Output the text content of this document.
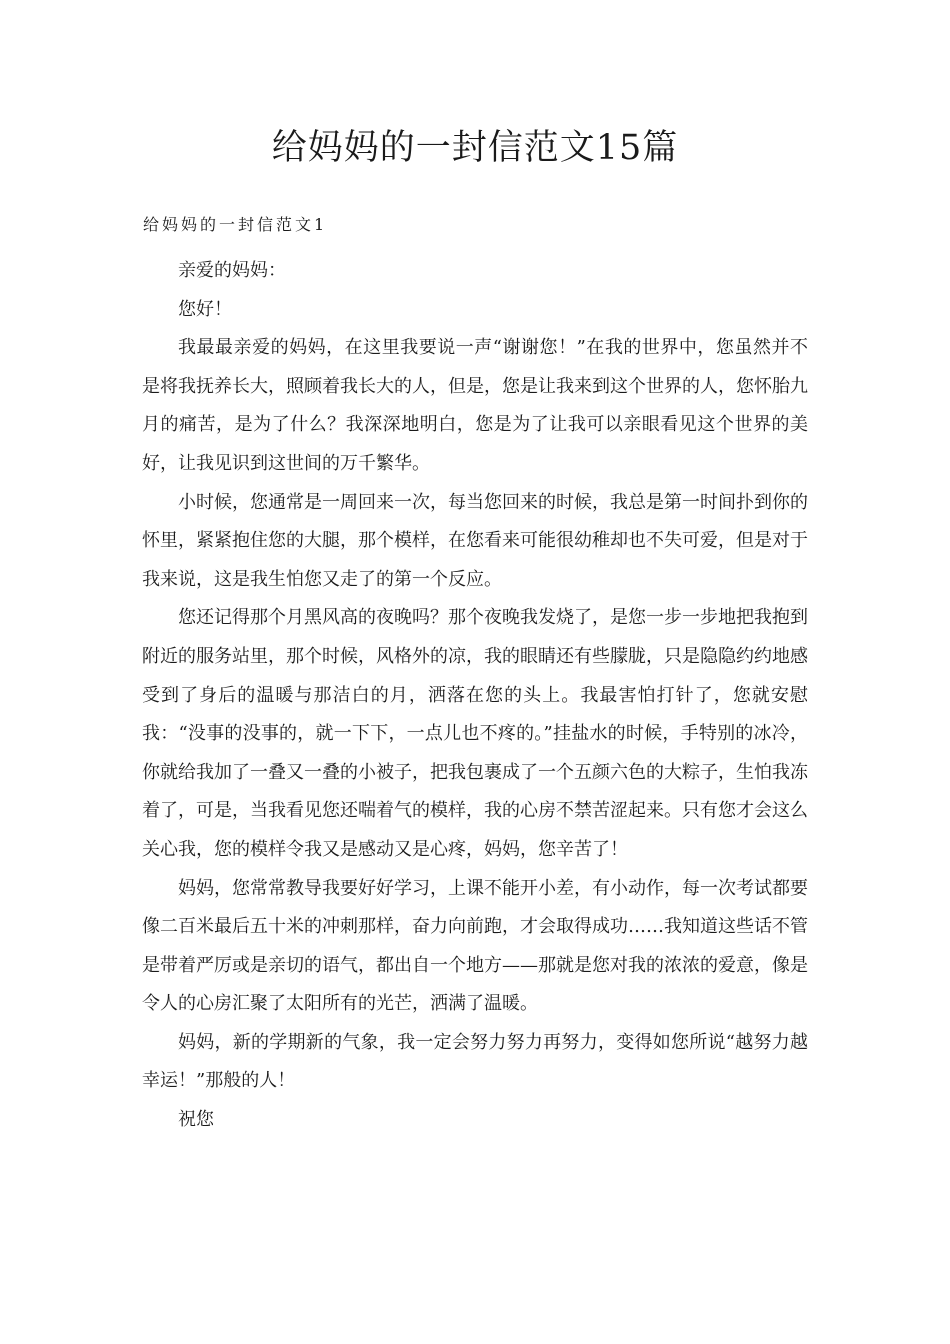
给妈妈的一封信范文15篇
给妈妈的一封信范文1

亲爱的妈妈：

您好！

我最最亲爱的妈妈，在这里我要说一声“谢谢您！”在我的世界中，您虽然并不是将我抚养长大，照顾着我长大的人，但是，您是让我来到这个世界的人，您怀胎九月的痛苦，是为了什么？我深深地明白，您是为了让我可以亲眼看见这个世界的美好，让我见识到这世间的万千繁华。

小时候，您通常是一周回来一次，每当您回来的时候，我总是第一时间扑到你的怀里，紧紧抱住您的大腿，那个模样，在您看来可能很幼稚却也不失可爱，但是对于我来说，这是我生怕您又走了的第一个反应。

您还记得那个月黑风高的夜晚吗？那个夜晚我发烧了，是您一步一步地把我抱到附近的服务站里，那个时候，风格外的凉，我的眼睛还有些朦胧，只是隐隐约约地感受到了身后的温暖与那洁白的月，洒落在您的头上。我最害怕打针了，您就安慰我：“没事的没事的，就一下下，一点儿也不疼的。”挂盐水的时候，手特别的冰冷，你就给我加了一叠又一叠的小被子，把我包裹成了一个五颜六色的大粽子，生怕我冻着了，可是，当我看见您还喘着气的模样，我的心房不禁苦涩起来。只有您才会这么关心我，您的模样令我又是感动又是心疼，妈妈，您辛苦了！

妈妈，您常常教导我要好好学习，上课不能开小差，有小动作，每一次考试都要像二百米最后五十米的冲刺那样，奋力向前跑，才会取得成功……我知道这些话不管是带着严厉或是亲切的语气，都出自一个地方——那就是您对我的浓浓的爱意，像是令人的心房汇聚了太阳所有的光芒，洒满了温暖。

妈妈，新的学期新的气象，我一定会努力努力再努力，变得如您所说“越努力越幸运！”那般的人！

祝您
